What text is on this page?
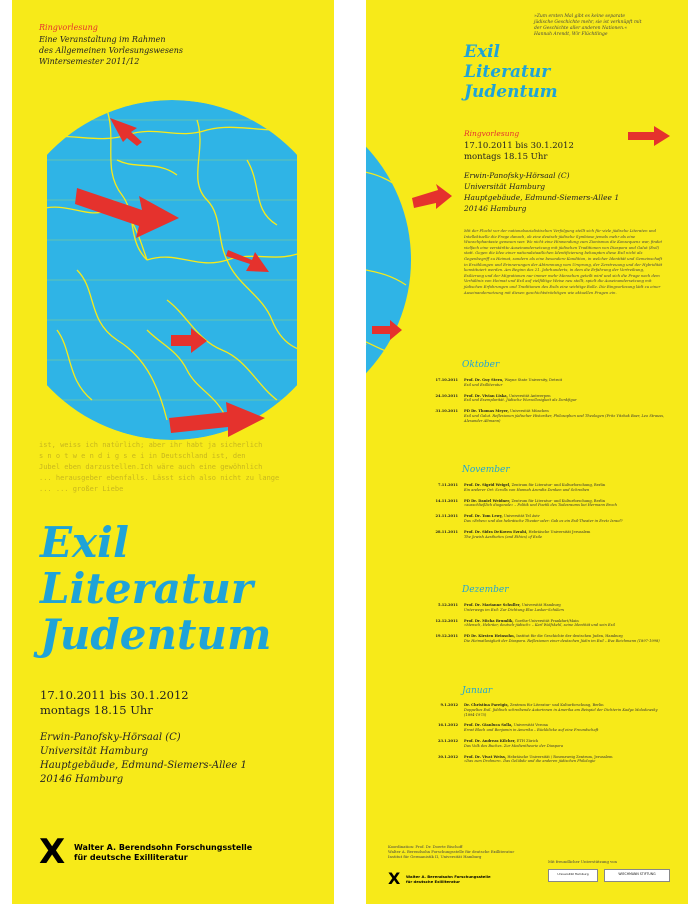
Ringvorlesung

Eine Veranstaltung im Rahmen
des Allgemeinen Vorlesungswesens
Wintersemester 2011/12

ist, weiss ich natürlich; aber ihr habt ja sicherlich
s n o t w e n d i g s e i in Deutschland ist, den
Jubel eben darzustellen.Ich wäre auch eine gewöhnlich
... herausgeber ebenfalls. Lässt sich also nicht zu lange
... ... großer Liebe

Exil
Literatur
Judentum

17.10.2011 bis 30.1.2012
montags 18.15 Uhr

Erwin-Panofsky-Hörsaal (C)
Universität Hamburg
Hauptgebäude, Edmund-Siemers-Allee 1
20146 Hamburg

X Walter A. Berendsohn Forschungsstelle
für deutsche Exilliteratur

»Zum ersten Mal gibt es keine separate
jüdische Geschichte mehr, sie ist verknüpft mit
der Geschichte aller anderen Nationen.«
Hannah Arendt, Wir Flüchtlinge

Exil
Literatur
Judentum

Ringvorlesung

17.10.2011 bis 30.1.2012
montags 18.15 Uhr

Erwin-Panofsky-Hörsaal (C)
Universität Hamburg
Hauptgebäude, Edmund-Siemers-Allee 1
20146 Hamburg

Mit der Flucht vor der nationalsozialistischen Verfolgung stellt sich für viele jüdische Literaten und Intellektuelle die Frage danach, ob eine deutsch-jüdische Symbiose jemals mehr als eine Wunschphantasie gewesen war. Wo nicht eine Hinwendung zum Zionismus die Konsequenz war, findet vielfach eine verstärkte Auseinandersetzung mit jüdischen Traditionen von Diaspora und Galut (Exil) statt. Gegen die Idee einer nationalstaatlichen Identifizierung behaupten diese Exil nicht als Gegenbegriff zu Heimat, sondern als eine besondere Kondition, in welcher Identität und Gemeinschaft in Erzählungen und Erinnerungen der Abtrennung vom Ursprung, der Zerstreuung und der Hybridität konstituiert werden. Am Beginn des 21. Jahrhunderts, in dem die Erfahrung der Vertreibung, Exilierung und der Migrationen nur immer mehr Menschen geteilt wird und sich die Frage nach dem Verhältnis von Heimat und Exil auf vielfältige Weise neu stellt, spielt die Auseinandersetzung mit jüdischen Erfahrungen und Traditionen des Exils eine wichtige Rolle. Die Ringvorlesung lädt zu einer Auseinandersetzung mit diesen geschichtsträchtigen wie aktuellen Fragen ein.

Oktober
17.10.2011	Prof. Dr. Guy Stern, Wayne State University, Detroit
Exil und Exilliteratur
24.10.2011	Prof. Dr. Vivian Liska, Universität Antwerpen
Exil und Exemplarität. Jüdische Wurzellosigkeit als Denkfigur
31.10.2011	PD Dr. Thomas Meyer, Universität München
Exil und Galut. Reflexionen jüdischer Historiker, Philosophen und Theologen (Fritz Yitzhak Baer, Leo Strauss, Alexander Altmann)
November
7.11.2011	Prof. Dr. Sigrid Weigel, Zentrum für Literatur- und Kulturforschung, Berlin
Ein anderer Ort: Scrolls von Hannah Arendts Denken und Schreiben
14.11.2011	PD Dr. Daniel Weidner, Zentrum für Literatur- und Kulturforschung, Berlin
»ausschließlich diagonale« – Politik und Poetik des Todesraums bei Hermann Broch
21.11.2011	Prof. Dr. Tom Lewy, Universität Tel Aviv
Das »Erbes« und das hebräische Theater oder: Gab es ein Exil-Theater in Eretz Israel?
28.11.2011	Prof. Dr. Sidra DeKoven Ezrahi, Hebräische Universität Jerusalem
The Jewish Aesthetics (and Ethics) of Exile
Dezember
5.12.2011	Prof. Dr. Marianne Schuller, Universität Hamburg
Unterwegs im Exil: Zur Dichtung Else Lasker-Schülers
12.12.2011	Prof. Dr. Micha Brumlik, Goethe-Universität Frankfurt/Main
»Mensch, Hebräer, deutsch-jüdisch« – Karl Wolfskehl, seine Identität und sein Exil
19.12.2011	PD Dr. Kirsten Heinsohn, Institut für die Geschichte der deutschen Juden, Hamburg
Die Heimatlosigkeit der Diaspora. Reflexionen einer deutschen Jüdin im Exil – Eva Reichmann (1897-1998)
Januar
9.1.2012	Dr. Christina Pareigis, Zentrum für Literatur- und Kulturforschung, Berlin
Doppeltes Exil. Jiddisch schreibende Autorinnen in Amerika am Beispiel der Dichterin Kadya Molodowsky (1894-1975)
16.1.2012	Prof. Dr. Gianluca Solla, Universität Verona
Ernst Bloch und Benjamin in Amerika – Rückblicke auf eine Freundschaft
23.1.2012	Prof. Dr. Andreas Kilcher, ETH Zürich
Das Volk des Buches. Zur Medientheorie der Diaspora
30.1.2012	Prof. Dr. Vivat Weiss, Hebräische Universität / Rosenzweig Zentrum, Jerusalem
»Das zum Drohnen«. Das Gelübde und die anderen jüdischen Philologie

Koordination: Prof. Dr. Doerte Bischoff
Walter A. Berendsohn Forschungsstelle für deutsche Exilliteratur
Institut für Germanistik II, Universität Hamburg

X Walter A. Berendsohn Forschungsstelle
für deutsche Exilliteratur

Mit freundlicher Unterstützung von

Universität Hamburg	WIECHMANN STIFTUNG
